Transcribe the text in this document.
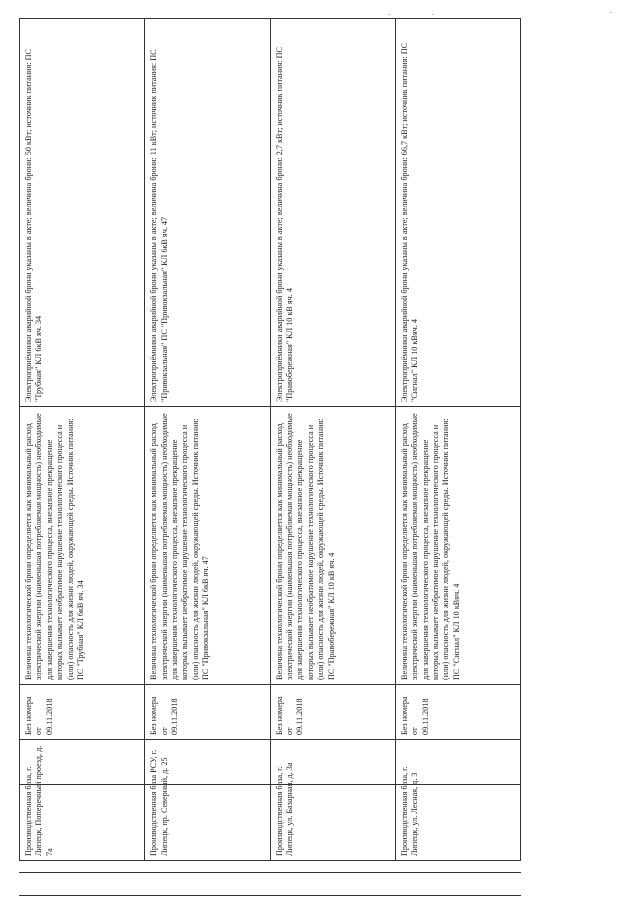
Производственная база, г. Липецк, Поперечный проезд, д. 7а	Без номера от 09.11.2018	Величина технологической брони определяется как минимальный расход электрической энергии (наименьшая потребляемая мощность) необходимые для завершения технологического процесса, внезапное прекращение которых вызывает необратимое нарушение технологического процесса и (или) опасность для жизни людей, окружающей среды. Источник питания: ПС "Трубная" КЛ 6кВ яч. 34	Электроприёмники аварийной брони указаны в акте; величина брони: 50 кВт; источник питания: ПС "Трубная" КЛ 6кВ яч. 34
Производственная база РСУ, г. Липецк, пр. Северный, д. 25	Без номера от 09.11.2018	Величина технологической брони определяется как минимальный расход электрической энергии (наименьшая потребляемая мощность) необходимые для завершения технологического процесса, внезапное прекращение которых вызывает необратимое нарушение технологического процесса и (или) опасность для жизни людей, окружающей среды. Источник питания: ПС "Привокзальная" КЛ 6кВ яч. 47	Электроприёмники аварийной брони указаны в акте; величина брони: 11 кВт; источник питания: ПС "Привокзальная" ПС "Привокзальная" КЛ 6кВ яч. 47
Производственная база, г. Липецк, ул. Базарная, д. 3а	Без номера от 09.11.2018	Величина технологической брони определяется как минимальный расход электрической энергии (наименьшая потребляемая мощность) необходимые для завершения технологического процесса, внезапное прекращение которых вызывает необратимое нарушение технологического процесса и (или) опасность для жизни людей, окружающей среды. Источник питания: ПС "Правобережная" КЛ 10 кВ яч. 4	Электроприёмники аварийной брони указаны в акте; величина брони: 2,7 кВт; источник питания: ПС "Правобережная" КЛ 10 кВ яч. 4
Производственная база, г. Липецк, ул. Лесная, д. 3	Без номера от 09.11.2018	Величина технологической брони определяется как минимальный расход электрической энергии (наименьшая потребляемая мощность) необходимые для завершения технологического процесса, внезапное прекращение которых вызывает необратимое нарушение технологического процесса и (или) опасность для жизни людей, окружающей среды. Источник питания: ПС "Сигнал" КЛ 10 кВяч. 4	Электроприёмники аварийной брони указаны в акте; величина брони: 66,7 кВт; источник питания: ПС "Сигнал" КЛ 10 кВяч. 4
